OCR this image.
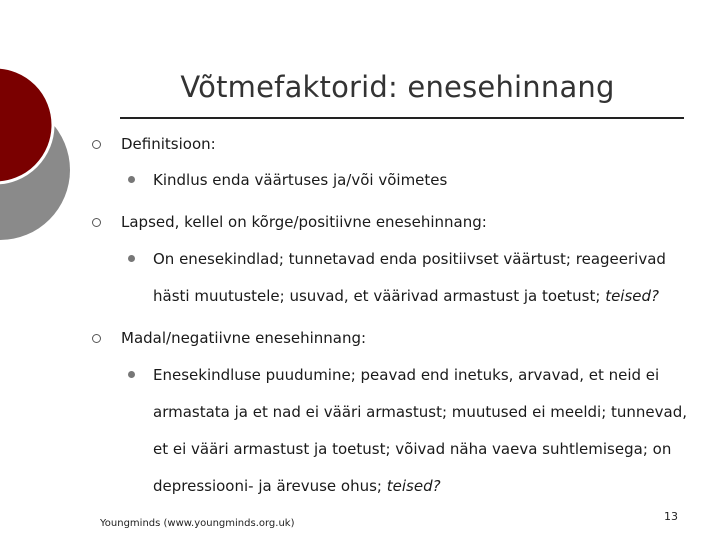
Võtmefaktorid: enesehinnang
Definitsioon:
Kindlus enda väärtuses ja/või võimetes
Lapsed, kellel on kõrge/positiivne enesehinnang:
On enesekindlad; tunnetavad enda positiivset väärtust; reageerivad
hästi muutustele; usuvad, et väärivad armastust ja toetust; teised?
Madal/negatiivne enesehinnang:
Enesekindluse puudumine; peavad end inetuks, arvavad, et neid ei
armastata ja et nad ei vääri armastust; muutused ei meeldi; tunnevad,
et ei vääri armastust ja toetust; võivad näha vaeva suhtlemisega; on
depressiooni- ja ärevuse ohus; teised?
Youngminds (www.youngminds.org.uk)
13
